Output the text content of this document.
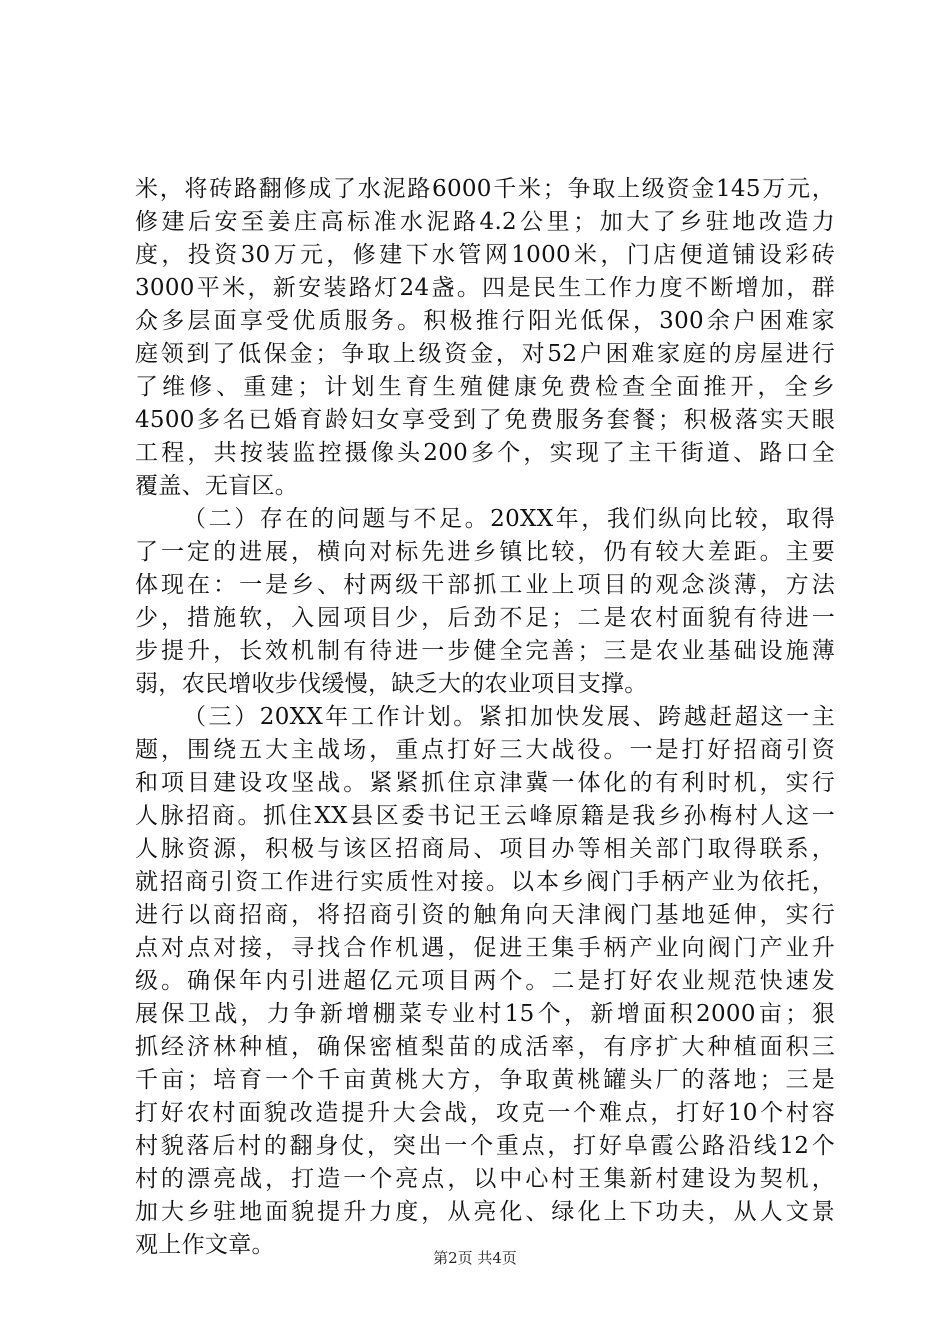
米，将砖路翻修成了水泥路6000千米；争取上级资金145万元，
修建后安至姜庄高标准水泥路4.2公里；加大了乡驻地改造力
度，投资30万元，修建下水管网1000米，门店便道铺设彩砖
3000平米，新安装路灯24盏。四是民生工作力度不断增加，群
众多层面享受优质服务。积极推行阳光低保，300余户困难家
庭领到了低保金；争取上级资金，对52户困难家庭的房屋进行
了维修、重建；计划生育生殖健康免费检查全面推开，全乡
4500多名已婚育龄妇女享受到了免费服务套餐；积极落实天眼
工程，共按装监控摄像头200多个，实现了主干街道、路口全
覆盖、无盲区。
（二）存在的问题与不足。20XX年，我们纵向比较，取得
了一定的进展，横向对标先进乡镇比较，仍有较大差距。主要
体现在：一是乡、村两级干部抓工业上项目的观念淡薄，方法
少，措施软，入园项目少，后劲不足；二是农村面貌有待进一
步提升，长效机制有待进一步健全完善；三是农业基础设施薄
弱，农民增收步伐缓慢，缺乏大的农业项目支撑。
（三）20XX年工作计划。紧扣加快发展、跨越赶超这一主
题，围绕五大主战场，重点打好三大战役。一是打好招商引资
和项目建设攻坚战。紧紧抓住京津冀一体化的有利时机，实行
人脉招商。抓住XX县区委书记王云峰原籍是我乡孙梅村人这一
人脉资源，积极与该区招商局、项目办等相关部门取得联系，
就招商引资工作进行实质性对接。以本乡阀门手柄产业为依托，
进行以商招商，将招商引资的触角向天津阀门基地延伸，实行
点对点对接，寻找合作机遇，促进王集手柄产业向阀门产业升
级。确保年内引进超亿元项目两个。二是打好农业规范快速发
展保卫战，力争新增棚菜专业村15个，新增面积2000亩；狠
抓经济林种植，确保密植梨苗的成活率，有序扩大种植面积三
千亩；培育一个千亩黄桃大方，争取黄桃罐头厂的落地；三是
打好农村面貌改造提升大会战，攻克一个难点，打好10个村容
村貌落后村的翻身仗，突出一个重点，打好阜霞公路沿线12个
村的漂亮战，打造一个亮点，以中心村王集新村建设为契机，
加大乡驻地面貌提升力度，从亮化、绿化上下功夫，从人文景
观上作文章。	第2页 共4页
